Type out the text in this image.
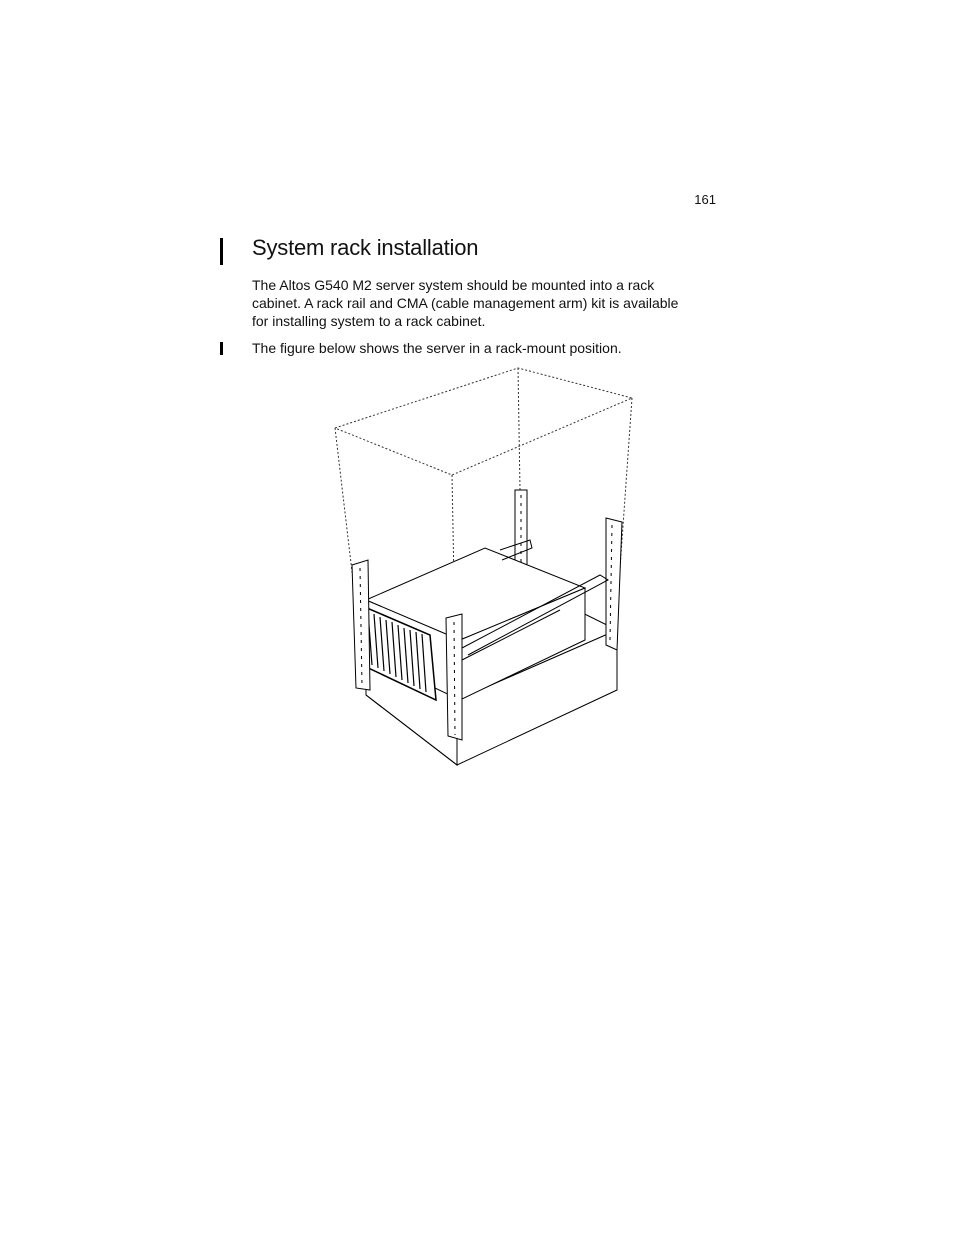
161
System rack installation

The Altos G540 M2 server system should be mounted into a rack
cabinet. A rack rail and CMA (cable management arm) kit is available
for installing system to a rack cabinet.

The figure below shows the server in a rack-mount position.
